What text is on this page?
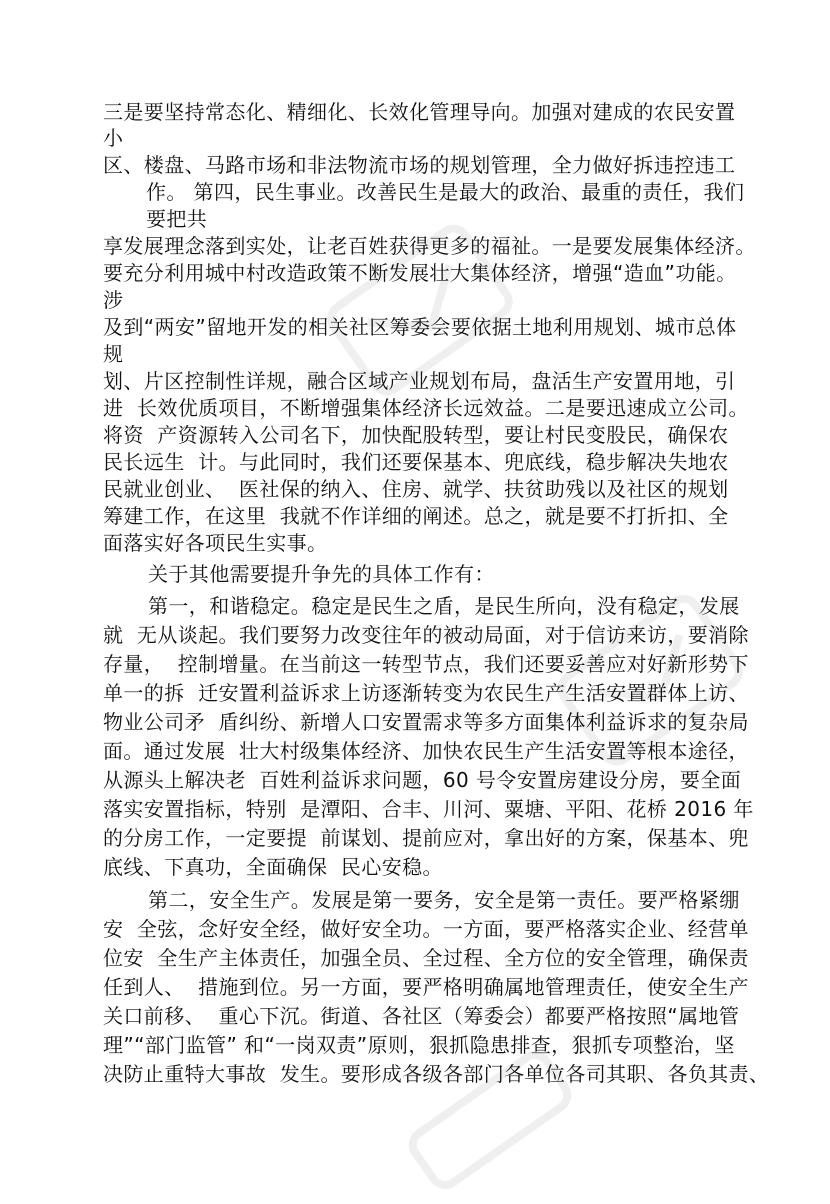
三是要坚持常态化、精细化、长效化管理导向。加强对建成的农民安置
小
区、楼盘、马路市场和非法物流市场的规划管理，全力做好拆违控违工
作。 第四，民生事业。改善民生是最大的政治、最重的责任，我们
要把共
享发展理念落到实处，让老百姓获得更多的福祉。一是要发展集体经济。
要充分利用城中村改造政策不断发展壮大集体经济，增强“造血”功能。
涉
及到“两安”留地开发的相关社区筹委会要依据土地利用规划、城市总体
规
划、片区控制性详规，融合区域产业规划布局，盘活生产安置用地，引
进  长效优质项目，不断增强集体经济长远效益。二是要迅速成立公司。
将资  产资源转入公司名下，加快配股转型，要让村民变股民，确保农
民长远生  计。与此同时，我们还要保基本、兜底线，稳步解决失地农
民就业创业、  医社保的纳入、住房、就学、扶贫助残以及社区的规划
筹建工作，在这里  我就不作详细的阐述。总之，就是要不打折扣、全
面落实好各项民生实事。
关于其他需要提升争先的具体工作有：
第一，和谐稳定。稳定是民生之盾，是民生所向，没有稳定，发展
就  无从谈起。我们要努力改变往年的被动局面，对于信访来访，要消除
存量，  控制增量。在当前这一转型节点，我们还要妥善应对好新形势下
单一的拆  迁安置利益诉求上访逐渐转变为农民生产生活安置群体上访、
物业公司矛  盾纠纷、新增人口安置需求等多方面集体利益诉求的复杂局
面。通过发展  壮大村级集体经济、加快农民生产生活安置等根本途径，
从源头上解决老  百姓利益诉求问题，60 号令安置房建设分房，要全面
落实安置指标，特别  是潭阳、合丰、川河、粟塘、平阳、花桥 2016 年
的分房工作，一定要提  前谋划、提前应对，拿出好的方案，保基本、兜
底线、下真功，全面确保  民心安稳。
第二，安全生产。发展是第一要务，安全是第一责任。要严格紧绷
安  全弦，念好安全经，做好安全功。一方面，要严格落实企业、经营单
位安  全生产主体责任，加强全员、全过程、全方位的安全管理，确保责
任到人、  措施到位。另一方面，要严格明确属地管理责任，使安全生产
关口前移、  重心下沉。街道、各社区（筹委会）都要严格按照“属地管
理”“部门监管” 和“一岗双责”原则，狠抓隐患排查，狠抓专项整治，坚
决防止重特大事故  发生。要形成各级各部门各单位各司其职、各负其责、
